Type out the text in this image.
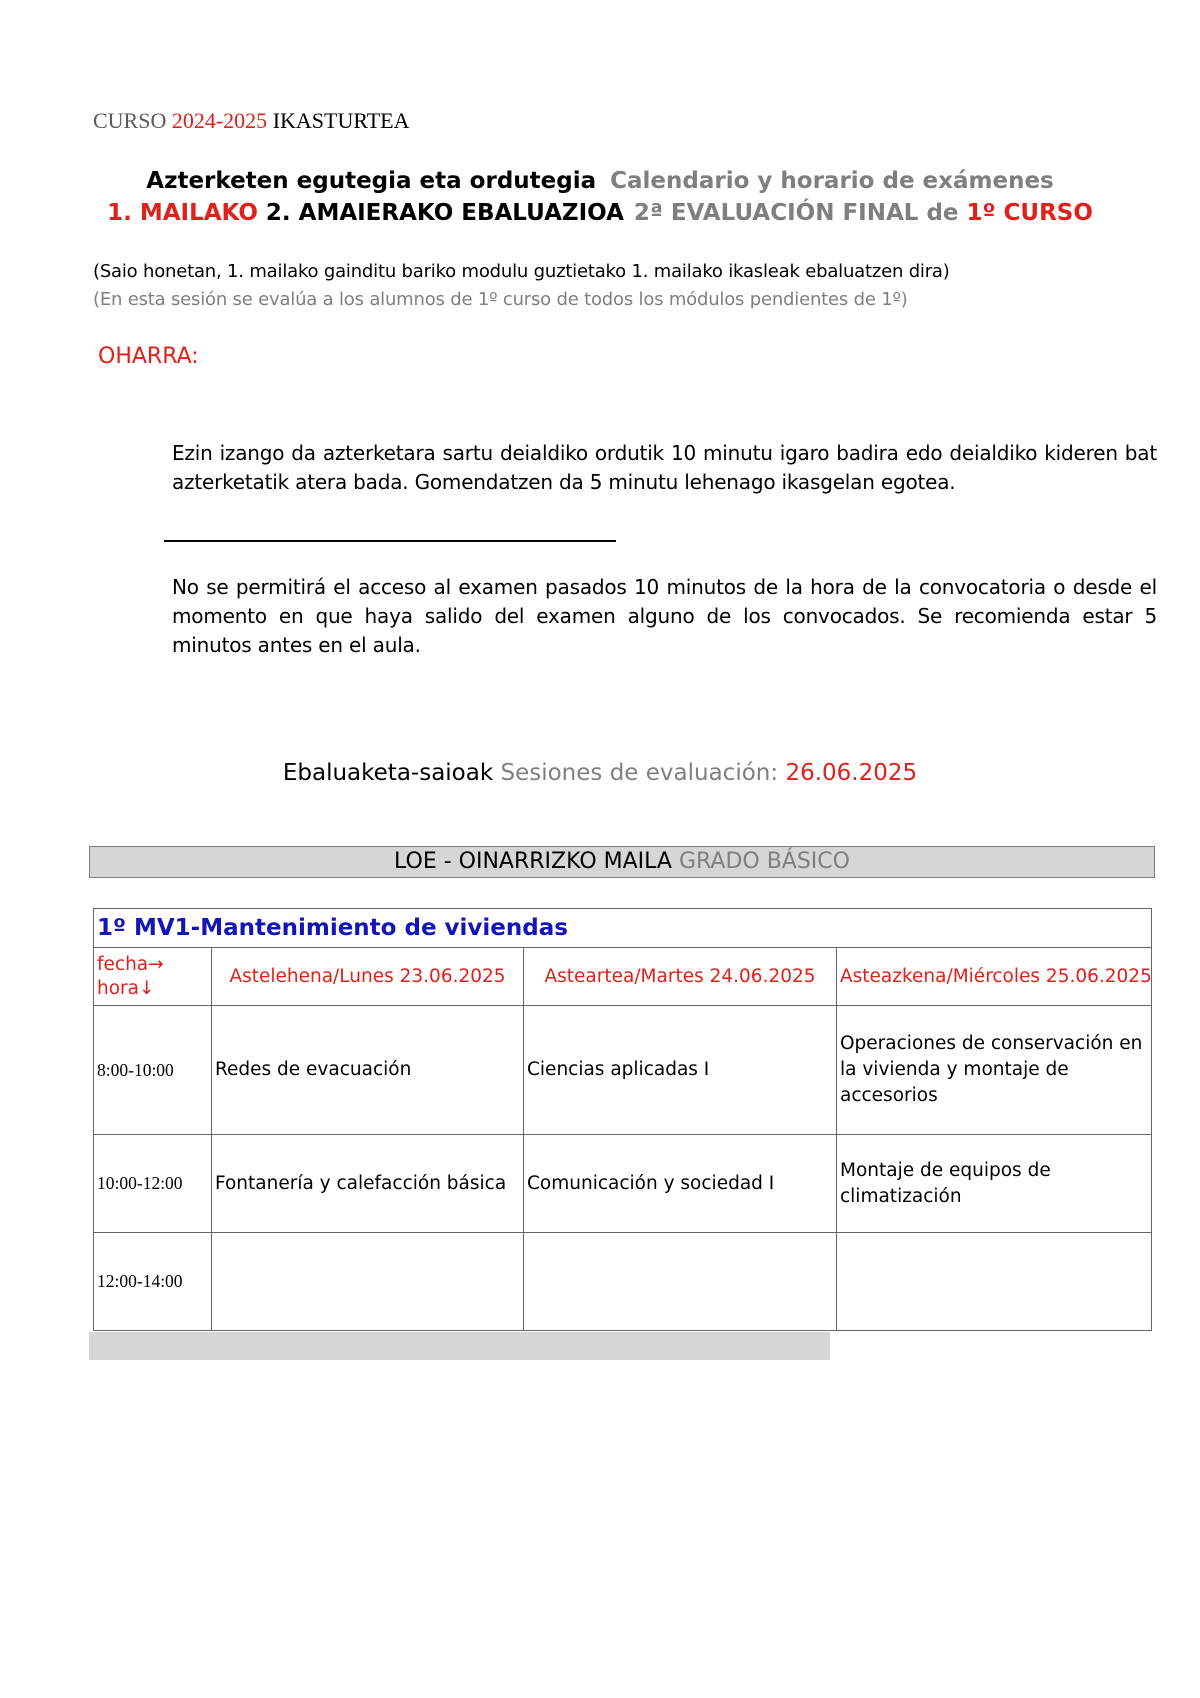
CURSO 2024-2025 IKASTURTEA
Azterketen egutegia eta ordutegia Calendario y horario de exámenes
1. MAILAKO 2. AMAIERAKO EBALUAZIOA 2ª EVALUACIÓN FINAL de 1º CURSO
(Saio honetan, 1. mailako gainditu bariko modulu guztietako 1. mailako ikasleak ebaluatzen dira)
(En esta sesión se evalúa a los alumnos de 1º curso de todos los módulos pendientes de 1º)
OHARRA:
Ezin izango da azterketara sartu deialdiko ordutik 10 minutu igaro badira edo deialdiko kideren bat azterketatik atera bada. Gomendatzen da 5 minutu lehenago ikasgelan egotea.
No se permitirá el acceso al examen pasados 10 minutos de la hora de la convocatoria o desde el momento en que haya salido del examen alguno de los convocados. Se recomienda estar 5 minutos antes en el aula.
Ebaluaketa-saioak Sesiones de evaluación: 26.06.2025
LOE - OINARRIZKO MAILA GRADO BÁSICO
1º MV1-Mantenimiento de viviendas			

fecha→
hora↓	Astelehena/Lunes 23.06.2025	Asteartea/Martes 24.06.2025	Asteazkena/Miércoles 25.06.2025
8:00-10:00	Redes de evacuación	Ciencias aplicadas I	Operaciones de conservación en la vivienda y montaje de accesorios
10:00-12:00	Fontanería y calefacción básica	Comunicación y sociedad I	Montaje de equipos de climatización
12:00-14:00			
